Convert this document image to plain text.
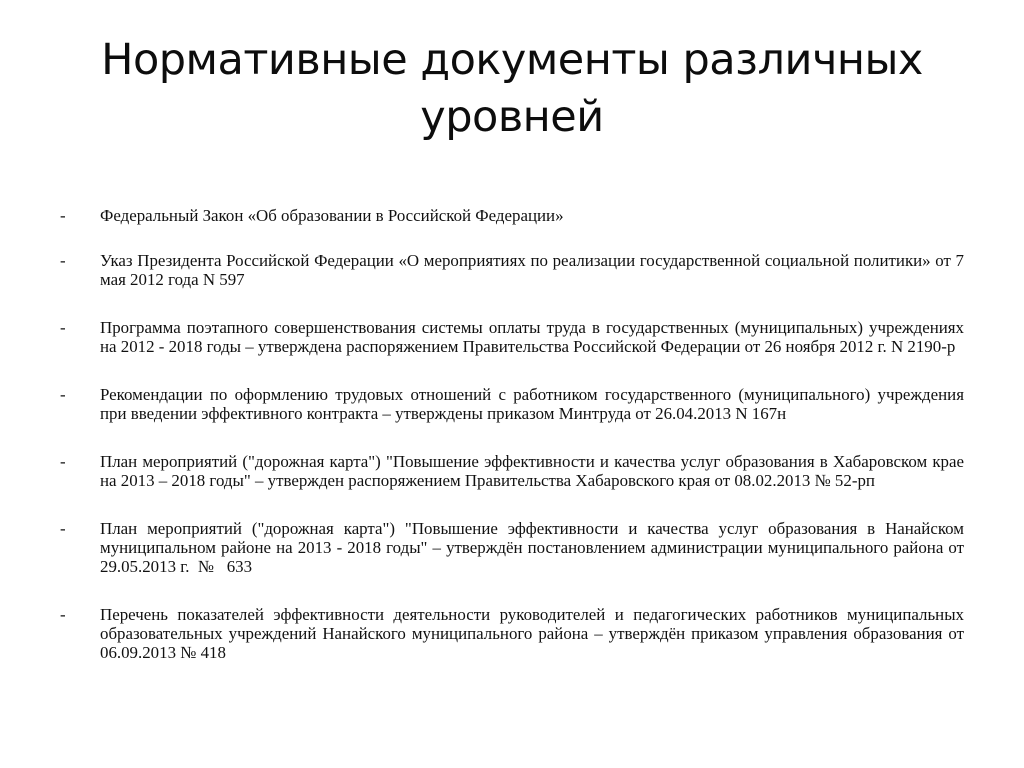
Нормативные документы различных
уровней
-	Федеральный Закон «Об образовании в Российской Федерации»
-	Указ Президента Российской Федерации «О мероприятиях по реализации государственной социальной политики» от 7 мая 2012 года N 597
-	Программа поэтапного совершенствования системы оплаты труда в государственных (муниципальных) учреждениях на 2012 - 2018 годы – утверждена распоряжением Правительства Российской Федерации от 26 ноября 2012 г. N 2190-р
-	Рекомендации по оформлению трудовых отношений с работником государственного (муниципального) учреждения при введении эффективного контракта – утверждены приказом Минтруда от 26.04.2013 N 167н
-	План мероприятий ("дорожная карта") "Повышение эффективности и качества услуг образования в Хабаровском крае на 2013 – 2018 годы" – утвержден распоряжением Правительства Хабаровского края от 08.02.2013 № 52-рп
-	План мероприятий ("дорожная карта") "Повышение эффективности и качества услуг образования в Нанайском муниципальном районе на 2013 - 2018 годы" – утверждён постановлением администрации муниципального района от   29.05.2013 г.  №   633
-	Перечень показателей эффективности деятельности руководителей и педагогических работников муниципальных образовательных учреждений Нанайского муниципального района – утверждён приказом управления образования от 06.09.2013 № 418
